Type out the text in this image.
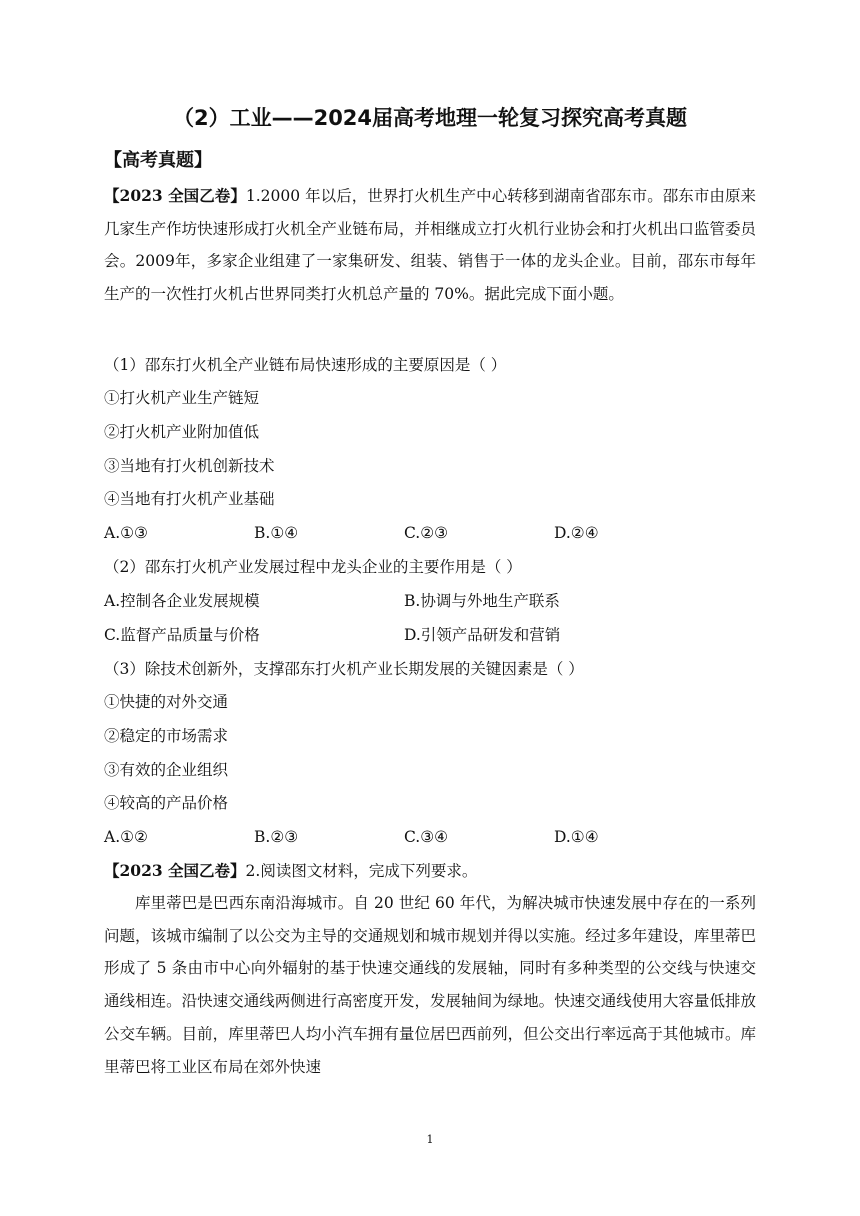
（2）工业——2024届高考地理一轮复习探究高考真题
【高考真题】
【2023 全国乙卷】1.2000 年以后，世界打火机生产中心转移到湖南省邵东市。邵东市由原来几家生产作坊快速形成打火机全产业链布局，并相继成立打火机行业协会和打火机出口监管委员会。2009年，多家企业组建了一家集研发、组装、销售于一体的龙头企业。目前，邵东市每年生产的一次性打火机占世界同类打火机总产量的 70%。据此完成下面小题。
（1）邵东打火机全产业链布局快速形成的主要原因是（ ）
①打火机产业生产链短
②打火机产业附加值低
③当地有打火机创新技术
④当地有打火机产业基础
A.①③	B.①④	C.②③	D.②④
（2）邵东打火机产业发展过程中龙头企业的主要作用是（ ）
A.控制各企业发展规模	B.协调与外地生产联系
C.监督产品质量与价格	D.引领产品研发和营销
（3）除技术创新外，支撑邵东打火机产业长期发展的关键因素是（ ）
①快捷的对外交通
②稳定的市场需求
③有效的企业组织
④较高的产品价格
A.①②	B.②③	C.③④	D.①④
【2023 全国乙卷】2.阅读图文材料，完成下列要求。
库里蒂巴是巴西东南沿海城市。自 20 世纪 60 年代，为解决城市快速发展中存在的一系列问题，该城市编制了以公交为主导的交通规划和城市规划并得以实施。经过多年建设，库里蒂巴形成了 5 条由市中心向外辐射的基于快速交通线的发展轴，同时有多种类型的公交线与快速交通线相连。沿快速交通线两侧进行高密度开发，发展轴间为绿地。快速交通线使用大容量低排放公交车辆。目前，库里蒂巴人均小汽车拥有量位居巴西前列，但公交出行率远高于其他城市。库里蒂巴将工业区布局在郊外快速
1
